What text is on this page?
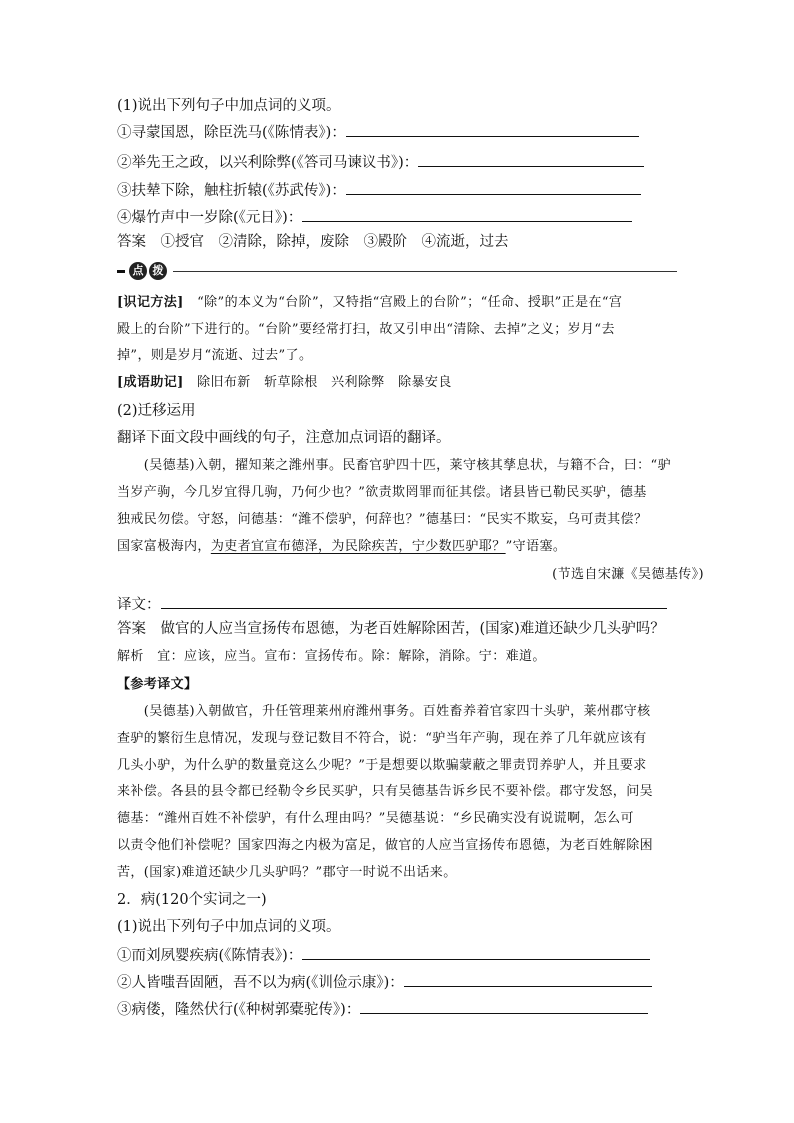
(1)说出下列句子中加点词的义项。
①寻蒙国恩，除臣洗马(《陈情表》)：
②举先王之政，以兴利除弊(《答司马谏议书》)：
③扶辇下除，触柱折辕(《苏武传》)：
④爆竹声中一岁除(《元日》)：
答案　①授官　②清除，除掉，废除　③殿阶　④流逝，过去
点 拨
[识记方法]　“除”的本义为“台阶”，又特指“宫殿上的台阶”；“任命、授职”正是在“宫
殿上的台阶”下进行的。“台阶”要经常打扫，故又引申出“清除、去掉”之义；岁月“去
掉”，则是岁月“流逝、过去”了。
[成语助记]　除旧布新　斩草除根　兴利除弊　除暴安良
(2)迁移运用
翻译下面文段中画线的句子，注意加点词语的翻译。
　　(吴德基)入朝，擢知莱之潍州事。民畜官驴四十匹，莱守核其孳息状，与籍不合，曰：“驴
当岁产驹，今几岁宜得几驹，乃何少也？”欲责欺罔罪而征其偿。诸县皆已勒民买驴，德基
独戒民勿偿。守怒，问德基：“潍不偿驴，何辞也？”德基曰：“民实不欺妄，乌可责其偿？
国家富极海内，为吏者宜宣布德泽，为民除疾苦，宁少数匹驴耶？”守语塞。
(节选自宋濂《吴德基传》)
译文：
答案　做官的人应当宣扬传布恩德，为老百姓解除困苦，(国家)难道还缺少几头驴吗？
解析　宜：应该，应当。宣布：宣扬传布。除：解除，消除。宁：难道。
【参考译文】
　　(吴德基)入朝做官，升任管理莱州府潍州事务。百姓畜养着官家四十头驴，莱州郡守核
查驴的繁衍生息情况，发现与登记数目不符合，说：“驴当年产驹，现在养了几年就应该有
几头小驴，为什么驴的数量竟这么少呢？”于是想要以欺骗蒙蔽之罪责罚养驴人，并且要求
来补偿。各县的县令都已经勒令乡民买驴，只有吴德基告诉乡民不要补偿。郡守发怒，问吴
德基：“潍州百姓不补偿驴，有什么理由吗？”吴德基说：“乡民确实没有说谎啊，怎么可
以责令他们补偿呢？国家四海之内极为富足，做官的人应当宣扬传布恩德，为老百姓解除困
苦，(国家)难道还缺少几头驴吗？”郡守一时说不出话来。
2．病(120个实词之一)
(1)说出下列句子中加点词的义项。
①而刘夙婴疾病(《陈情表》)：
②人皆嗤吾固陋，吾不以为病(《训俭示康》)：
③病偻，隆然伏行(《种树郭橐驼传》)：
